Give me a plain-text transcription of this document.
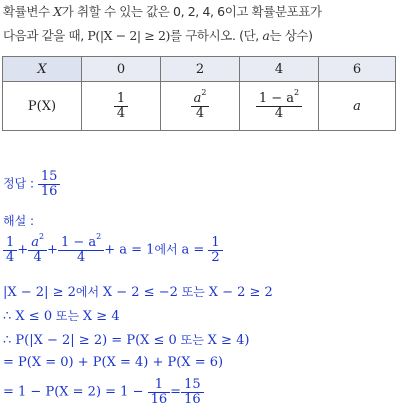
확률변수 X가 취할 수 있는 값은 0, 2, 4, 6이고 확률분포표가
다음과 같을 때, P(|X − 2| ≥ 2)를 구하시오. (단, a는 상수)
X	0	2	4	6
P(X)	$\frac{1}{4}$	$\frac{a^2}{4}$	$\frac{1 - a^2}{4}$	a
정답 : $\frac{15}{16}$
해설 :
$\frac{1}{4} + \frac{a^2}{4} + \frac{1 - a^2}{4} + a = 1$에서 $a = \frac{1}{2}$
|X − 2| ≥ 2에서 X − 2 ≤ −2 또는 X − 2 ≥ 2
∴ X ≤ 0 또는 X ≥ 4
∴ P(|X − 2| ≥ 2) = P(X ≤ 0 또는 X ≥ 4)
= P(X = 0) + P(X = 4) + P(X = 6)
= $1 - P(X = 2) = 1 - \frac{1}{16} = \frac{15}{16}$
